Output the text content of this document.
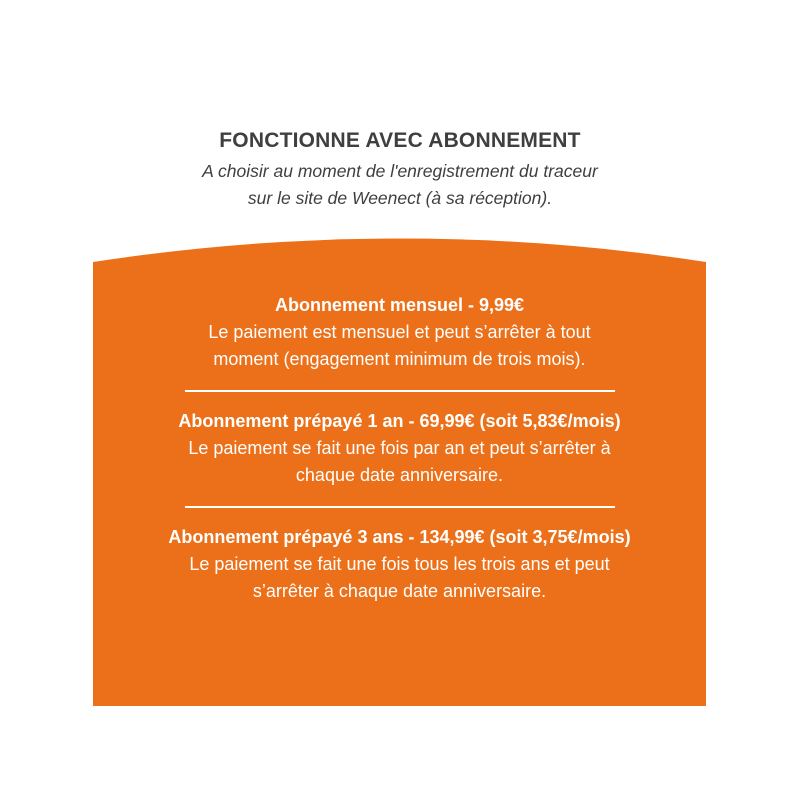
FONCTIONNE AVEC ABONNEMENT
A choisir au moment de l'enregistrement du traceur
sur le site de Weenect (à sa réception).
Abonnement mensuel - 9,99€
Le paiement est mensuel et peut s’arrêter à tout
moment (engagement minimum de trois mois).
Abonnement prépayé 1 an - 69,99€ (soit 5,83€/mois)
Le paiement se fait une fois par an et peut s’arrêter à
chaque date anniversaire.
Abonnement prépayé 3 ans - 134,99€ (soit 3,75€/mois)
Le paiement se fait une fois tous les trois ans et peut
s’arrêter à chaque date anniversaire.
